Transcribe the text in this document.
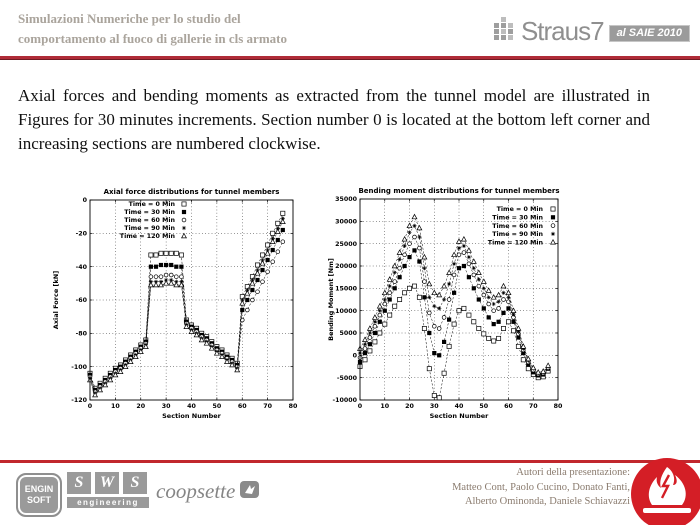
Simulazioni Numeriche per lo studio del
comportamento al fuoco di gallerie in cls armato	Straus7	al SAIE 2010
Axial forces and bending moments as extracted from the tunnel model are illustrated in Figures for 30 minutes increments. Section number 0 is located at the bottom left corner and increasing sections are numbered clockwise.
0	10	20	30	40	50	60	70	80
0
-20
-40
-60
-80
-100
-120
Axial force distributions for tunnel members
Section Number
Axial Force [kN]
Time = 0 Min
Time = 30 Min
Time = 60 Min
Time = 90 Min
Time = 120 Min
0	10	20	30	40	50	60	70	80
-10000
-5000
0
5000
10000
15000
20000
25000
30000
35000
Bending moment distributions for tunnel members
Section Number
Bending Moment [Nm]
Time = 0 Min
Time = 30 Min
Time = 60 Min
Time = 90 Min
Time = 120 Min
ENGIN
SOFT
S	W	S
engineering coopsette
Autori della presentazione:
Matteo Cont, Paolo Cucino, Donato Fanti,
Alberto Ominonda, Daniele Schiavazzi
